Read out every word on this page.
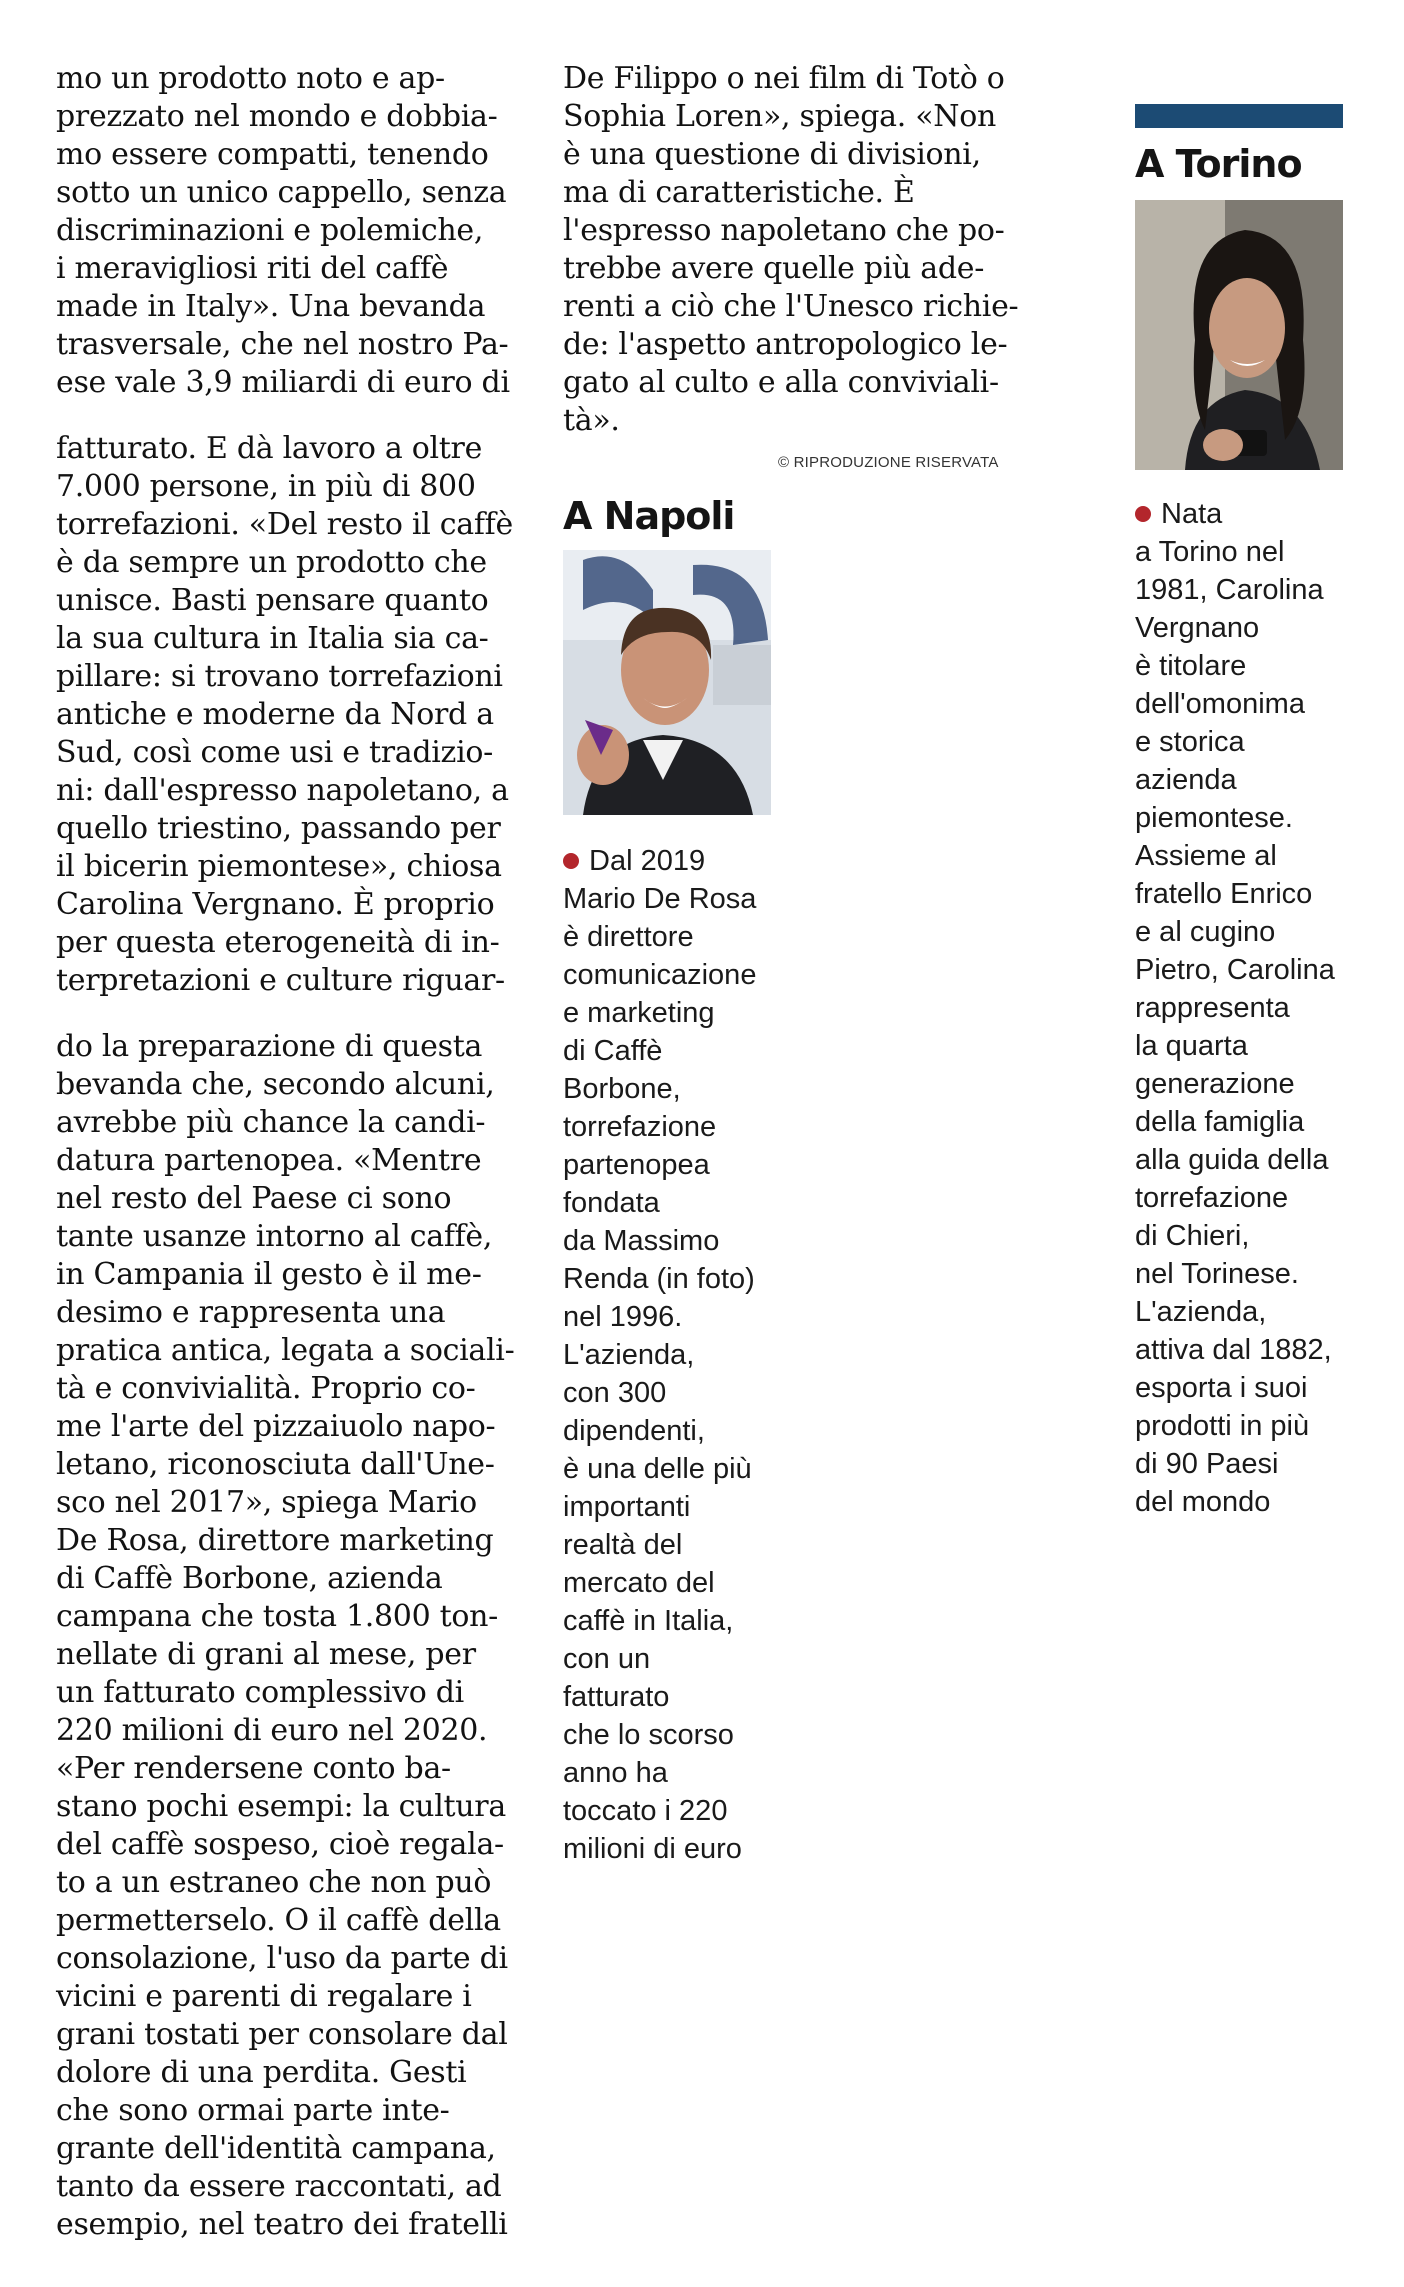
mo un prodotto noto e ap-
prezzato nel mondo e dobbia-
mo essere compatti, tenendo
sotto un unico cappello, senza
discriminazioni e polemiche,
i meravigliosi riti del caffè
made in Italy». Una bevanda
trasversale, che nel nostro Pa-
ese vale 3,9 miliardi di euro di
fatturato. E dà lavoro a oltre
7.000 persone, in più di 800
torrefazioni. «Del resto il caffè
è da sempre un prodotto che
unisce. Basti pensare quanto
la sua cultura in Italia sia ca-
pillare: si trovano torrefazioni
antiche e moderne da Nord a
Sud, così come usi e tradizio-
ni: dall'espresso napoletano, a
quello triestino, passando per
il bicerin piemontese», chiosa
Carolina Vergnano. È proprio
per questa eterogeneità di in-
terpretazioni e culture riguar-
do la preparazione di questa
bevanda che, secondo alcuni,
avrebbe più chance la candi-
datura partenopea. «Mentre
nel resto del Paese ci sono
tante usanze intorno al caffè,
in Campania il gesto è il me-
desimo e rappresenta una
pratica antica, legata a sociali-
tà e convivialità. Proprio co-
me l'arte del pizzaiuolo napo-
letano, riconosciuta dall'Une-
sco nel 2017», spiega Mario
De Rosa, direttore marketing
di Caffè Borbone, azienda
campana che tosta 1.800 ton-
nellate di grani al mese, per
un fatturato complessivo di
220 milioni di euro nel 2020.
«Per rendersene conto ba-
stano pochi esempi: la cultura
del caffè sospeso, cioè regala-
to a un estraneo che non può
permetterselo. O il caffè della
consolazione, l'uso da parte di
vicini e parenti di regalare i
grani tostati per consolare dal
dolore di una perdita. Gesti
che sono ormai parte inte-
grante dell'identità campana,
tanto da essere raccontati, ad
esempio, nel teatro dei fratelli
De Filippo o nei film di Totò o
Sophia Loren», spiega. «Non
è una questione di divisioni,
ma di caratteristiche. È
l'espresso napoletano che po-
trebbe avere quelle più ade-
renti a ciò che l'Unesco richie-
de: l'aspetto antropologico le-
gato al culto e alla conviviali-
tà».
© RIPRODUZIONE RISERVATA
A Napoli
Dal 2019
Mario De Rosa
è direttore
comunicazione
e marketing
di Caffè
Borbone,
torrefazione
partenopea
fondata
da Massimo
Renda (in foto)
nel 1996.
L'azienda,
con 300
dipendenti,
è una delle più
importanti
realtà del
mercato del
caffè in Italia,
con un
fatturato
che lo scorso
anno ha
toccato i 220
milioni di euro
A Torino
Nata
a Torino nel
1981, Carolina
Vergnano
è titolare
dell'omonima
e storica
azienda
piemontese.
Assieme al
fratello Enrico
e al cugino
Pietro, Carolina
rappresenta
la quarta
generazione
della famiglia
alla guida della
torrefazione
di Chieri,
nel Torinese.
L'azienda,
attiva dal 1882,
esporta i suoi
prodotti in più
di 90 Paesi
del mondo
